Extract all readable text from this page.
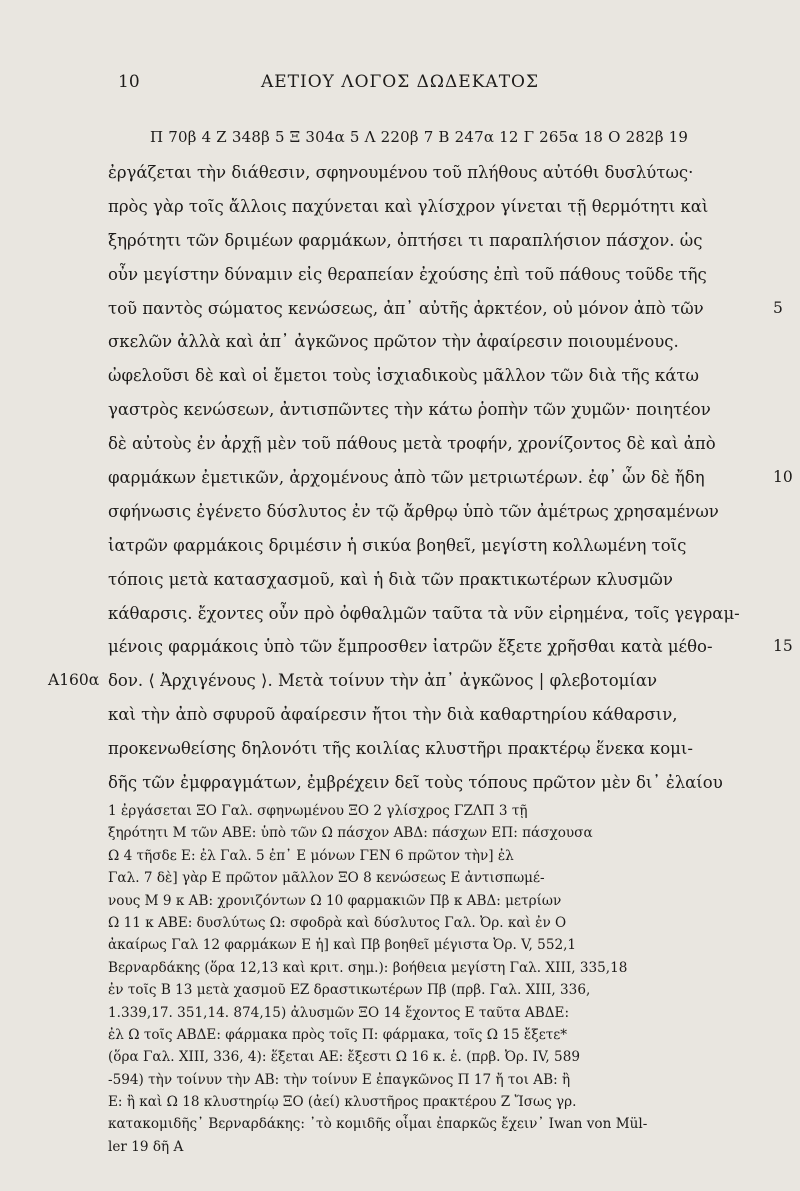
10	ΑΕΤΙΟΥ ΛΟΓΟΣ ΔΩΔΕΚΑΤΟΣ
Π 70β 4 Ζ 348β 5 Ξ 304α 5 Λ 220β 7 Β 247α 12 Γ 265α 18 Ο 282β 19
ἐργάζεται τὴν διάθεσιν, σφηνουμένου τοῦ πλήθους αὐτόθι δυσλύτως·
πρὸς γὰρ τοῖς ἄλλοις παχύνεται καὶ γλίσχρον γίνεται τῇ θερμότητι καὶ
ξηρότητι τῶν δριμέων φαρμάκων, ὀπτήσει τι παραπλήσιον πάσχον. ὡς
οὖν μεγίστην δύναμιν εἰς θεραπείαν ἐχούσης ἐπὶ τοῦ πάθους τοῦδε τῆς
τοῦ παντὸς σώματος κενώσεως, ἀπ᾽ αὐτῆς ἀρκτέον, οὐ μόνον ἀπὸ τῶν	5
σκελῶν ἀλλὰ καὶ ἀπ᾽ ἀγκῶνος πρῶτον τὴν ἀφαίρεσιν ποιουμένους.
ὠφελοῦσι δὲ καὶ οἱ ἔμετοι τοὺς ἰσχιαδικοὺς μᾶλλον τῶν διὰ τῆς κάτω
γαστρὸς κενώσεων, ἀντισπῶντες τὴν κάτω ῥοπὴν τῶν χυμῶν· ποιητέον
δὲ αὐτοὺς ἐν ἀρχῇ μὲν τοῦ πάθους μετὰ τροφήν, χρονίζοντος δὲ καὶ ἀπὸ
φαρμάκων ἐμετικῶν, ἀρχομένους ἀπὸ τῶν μετριωτέρων. ἐφ᾽ ὧν δὲ ἤδη	10
σφήνωσις ἐγένετο δύσλυτος ἐν τῷ ἄρθρῳ ὑπὸ τῶν ἀμέτρως χρησαμένων
ἰατρῶν φαρμάκοις δριμέσιν ἡ σικύα βοηθεῖ, μεγίστη κολλωμένη τοῖς
τόποις μετὰ κατασχασμοῦ, καὶ ἡ διὰ τῶν πρακτικωτέρων κλυσμῶν
κάθαρσις. ἔχοντες οὖν πρὸ ὀφθαλμῶν ταῦτα τὰ νῦν εἰρημένα, τοῖς γεγραμ-
μένοις φαρμάκοις ὑπὸ τῶν ἔμπροσθεν ἰατρῶν ἔξετε χρῆσθαι κατὰ μέθο-	15
A160α δον. ⟨ Ἀρχιγένους ⟩. Μετὰ τοίνυν τὴν ἀπ᾽ ἀγκῶνος | φλεβοτομίαν
καὶ τὴν ἀπὸ σφυροῦ ἀφαίρεσιν ἤτοι τὴν διὰ καθαρτηρίου κάθαρσιν,
προκενωθείσης δηλονότι τῆς κοιλίας κλυστῆρι πρακτέρῳ ἕνεκα κομι-
δῆς τῶν ἐμφραγμάτων, ἐμβρέχειν δεῖ τοὺς τόπους πρῶτον μὲν δι᾽ ἐλαίου
1 ἐργάσεται ΞΟ Γαλ. σφηνωμένου ΞΟ 2 γλίσχρος ΓΖΛΠ 3 τῇ
ξηρότητι Μ τῶν ΑΒΕ: ὑπὸ τῶν Ω πάσχον ΑΒΔ: πάσχων ΕΠ: πάσχουσα
Ω 4 τῆσδε Ε: ἐλ Γαλ. 5 ἐπ᾽ Ε μόνων ΓΕΝ 6 πρῶτον τὴν] ἐλ
Γαλ. 7 δὲ] γὰρ Ε πρῶτον μᾶλλον ΞΟ 8 κενώσεως Ε ἀντισπωμέ-
νους Μ 9 κ ΑΒ: χρονιζόντων Ω 10 φαρμακιῶν Πβ κ ΑΒΔ: μετρίων
Ω 11 κ ΑΒΕ: δυσλύτως Ω: σφοδρὰ καὶ δύσλυτος Γαλ. Ὀρ. καὶ ἐν Ο
ἀκαίρως Γαλ 12 φαρμάκων Ε ἡ] καὶ Πβ βοηθεῖ μέγιστα Ὀρ. V, 552,1
Βερναρδάκης (ὅρα 12,13 καὶ κριτ. σημ.): βοήθεια μεγίστη Γαλ. XIII, 335,18
ἐν τοῖς Β 13 μετὰ χασμοῦ ΕΖ δραστικωτέρων Πβ (πρβ. Γαλ. XIII, 336,
1.339,17. 351,14. 874,15) ἀλυσμῶν ΞΟ 14 ἔχοντος Ε ταῦτα ΑΒΔΕ:
ἐλ Ω τοῖς ΑΒΔΕ: φάρμακα πρὸς τοῖς Π: φάρμακα, τοῖς Ω 15 ἔξετε*
(ὅρα Γαλ. XIII, 336, 4): ἕξεται ΑΕ: ἔξεστι Ω 16 κ. ἑ. (πρβ. Ὀρ. IV, 589
-594) τὴν τοίνυν τὴν ΑΒ: τὴν τοίνυν Ε ἐπαγκῶνος Π 17 ἤ τοι ΑΒ: ἢ
Ε: ἢ καὶ Ω 18 κλυστηρίῳ ΞΟ (ἀεί) κλυστῆρος πρακτέρου Ζ Ἴσως γρ.
κατακομιδῆς᾽ Βερναρδάκης: ᾽τὸ κομιδῆς οἶμαι ἐπαρκῶς ἔχειν᾽ Iwan von Mül-
ler 19 δῆ Α
